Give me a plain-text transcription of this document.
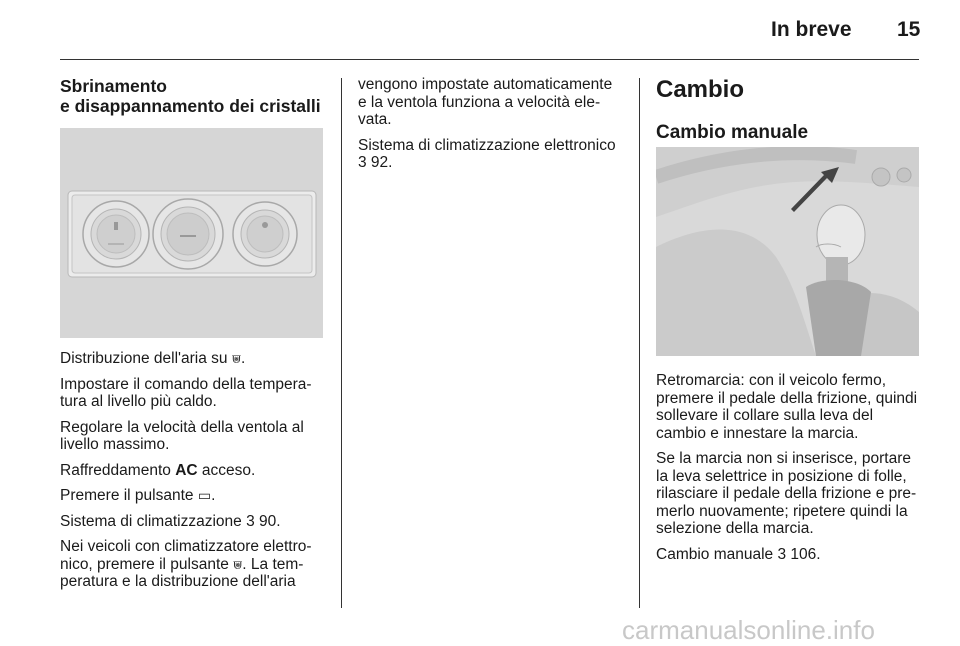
In breve 15
Sbrinamento
e disappannamento dei cristalli

Distribuzione dell'aria su ⩐.

Impostare il comando della tempera-tura al livello più caldo.

Regolare la velocità della ventola al livello massimo.

Raffreddamento AC acceso.

Premere il pulsante ▭.

Sistema di climatizzazione 3 90.

Nei veicoli con climatizzatore elettro-nico, premere il pulsante ⩐. La tem-peratura e la distribuzione dell'aria

vengono impostate automaticamente e la ventola funziona a velocità ele-vata.

Sistema di climatizzazione elettronico 3 92.

Cambio
Cambio manuale

Retromarcia: con il veicolo fermo, premere il pedale della frizione, quindi sollevare il collare sulla leva del cambio e innestare la marcia.

Se la marcia non si inserisce, portare la leva selettrice in posizione di folle, rilasciare il pedale della frizione e pre-merlo nuovamente; ripetere quindi la selezione della marcia.

Cambio manuale 3 106.

carmanualsonline.info
